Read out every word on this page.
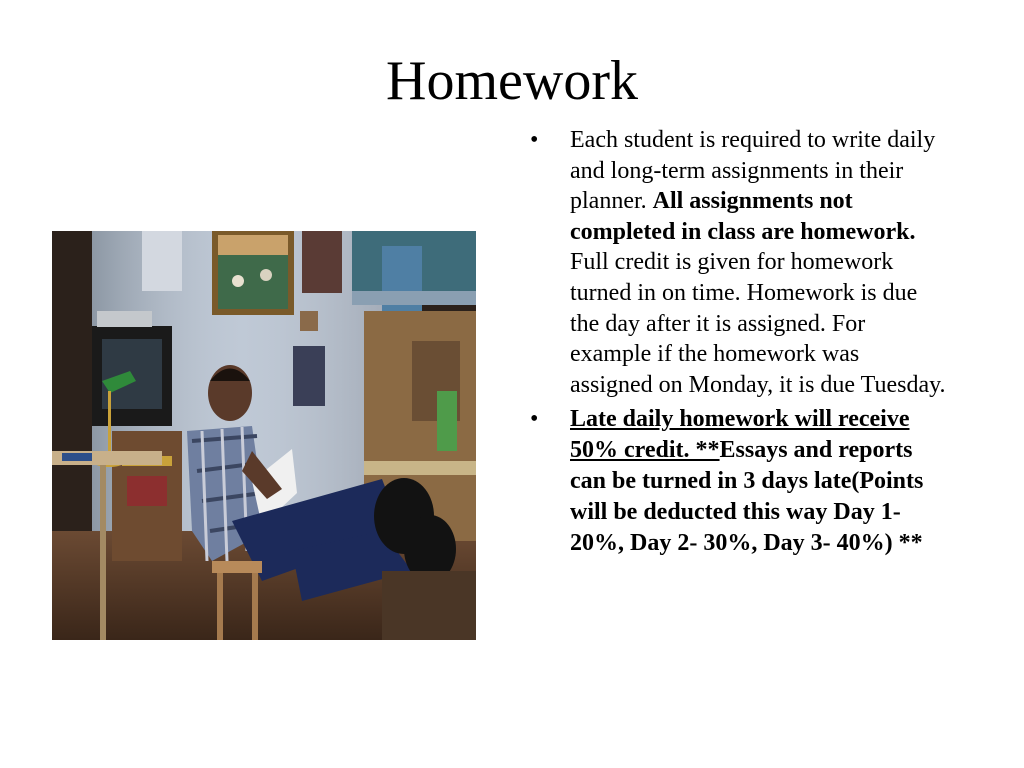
Homework
• Each student is required to write daily and long-term assignments in their planner. All assignments not completed in class are homework. Full credit is given for homework turned in on time. Homework is due the day after it is assigned. For example if the homework was assigned on Monday, it is due Tuesday.
• Late daily homework will receive 50% credit. **Essays and reports can be turned in 3 days late(Points will be deducted this way Day 1- 20%, Day 2- 30%, Day 3- 40%) **
